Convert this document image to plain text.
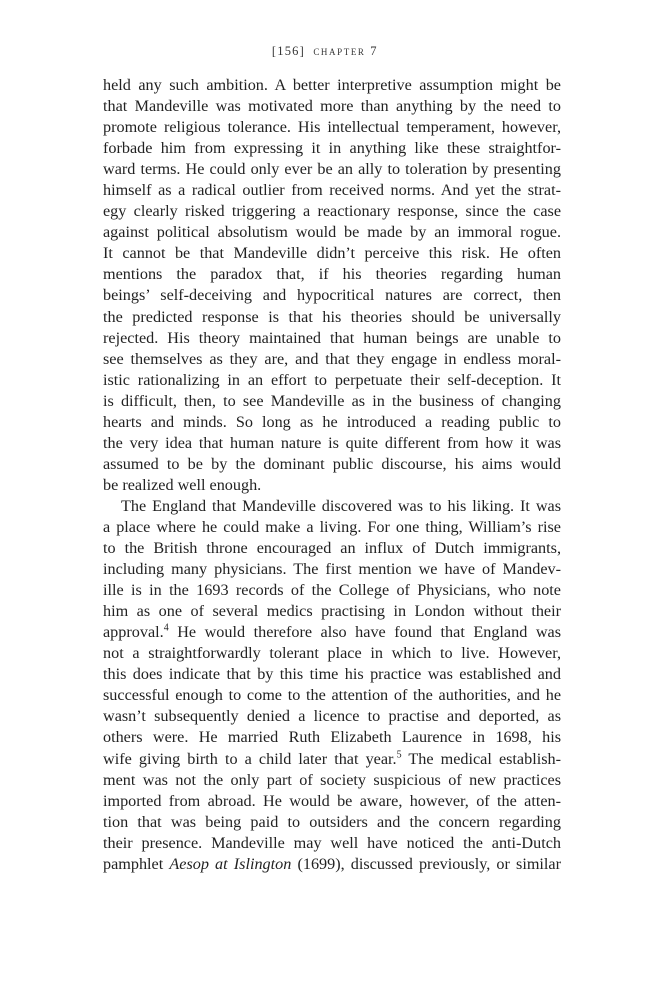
[156] chapter 7
held any such ambition. A better interpretive assumption might be
that Mandeville was motivated more than anything by the need to
promote religious tolerance. His intellectual temperament, however,
forbade him from expressing it in anything like these straightfor-
ward terms. He could only ever be an ally to toleration by presenting
himself as a radical outlier from received norms. And yet the strat-
egy clearly risked triggering a reactionary response, since the case
against political absolutism would be made by an immoral rogue.
It cannot be that Mandeville didn’t perceive this risk. He often
mentions the paradox that, if his theories regarding human
beings’ self-deceiving and hypocritical natures are correct, then
the predicted response is that his theories should be universally
rejected. His theory maintained that human beings are unable to
see themselves as they are, and that they engage in endless moral-
istic rationalizing in an effort to perpetuate their self-deception. It
is difficult, then, to see Mandeville as in the business of changing
hearts and minds. So long as he introduced a reading public to
the very idea that human nature is quite different from how it was
assumed to be by the dominant public discourse, his aims would
be realized well enough.
The England that Mandeville discovered was to his liking. It was
a place where he could make a living. For one thing, William’s rise
to the British throne encouraged an influx of Dutch immigrants,
including many physicians. The first mention we have of Mandev-
ille is in the 1693 records of the College of Physicians, who note
him as one of several medics practising in London without their
approval.$^4$ He would therefore also have found that England was
not a straightforwardly tolerant place in which to live. However,
this does indicate that by this time his practice was established and
successful enough to come to the attention of the authorities, and he
wasn’t subsequently denied a licence to practise and deported, as
others were. He married Ruth Elizabeth Laurence in 1698, his
wife giving birth to a child later that year.$^5$ The medical establish-
ment was not the only part of society suspicious of new practices
imported from abroad. He would be aware, however, of the atten-
tion that was being paid to outsiders and the concern regarding
their presence. Mandeville may well have noticed the anti-Dutch
pamphlet Aesop at Islington (1699), discussed previously, or similar
